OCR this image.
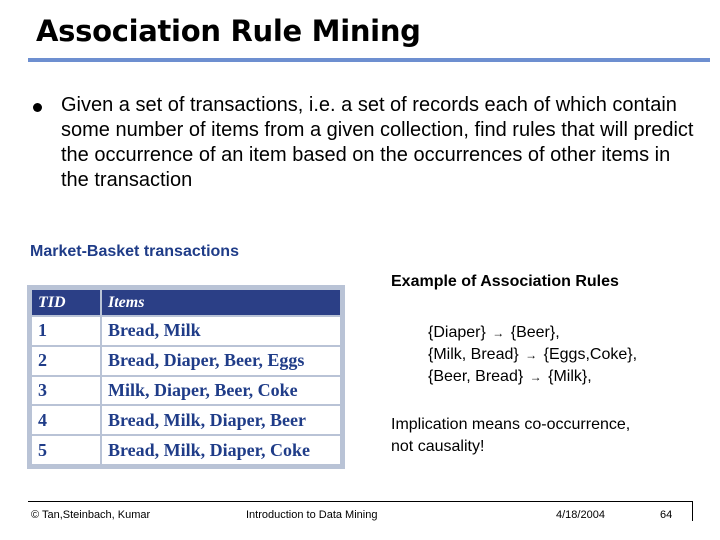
Association Rule Mining
Given a set of transactions, i.e. a set of records each of which contain some number of items from a given collection, find rules that will predict the occurrence of an item based on the occurrences of other items in the transaction
Market-Basket transactions
Example of Association Rules
TID	Items
1	Bread, Milk
2	Bread, Diaper, Beer, Eggs
3	Milk, Diaper, Beer, Coke
4	Bread, Milk, Diaper, Beer
5	Bread, Milk, Diaper, Coke
{Diaper} → {Beer},
{Milk, Bread} → {Eggs,Coke},
{Beer, Bread} → {Milk},
Implication means co-occurrence,
not causality!
© Tan,Steinbach, Kumar	Introduction to Data Mining	4/18/2004	64
